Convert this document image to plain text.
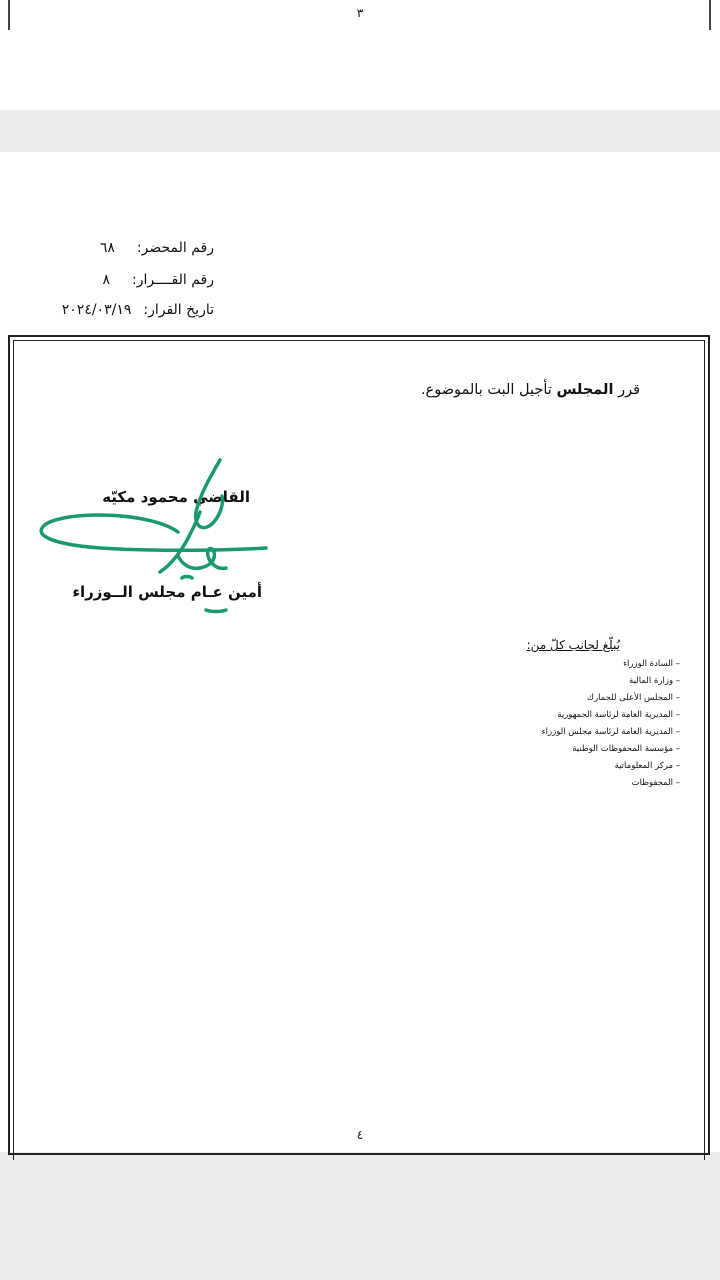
٣
رقم المحضر:٦٨
رقم القــــرار:٨
تاريخ القرار:٢٠٢٤/٠٣/١٩
قرر المجلس تأجيل البت بالموضوع.
القاضي محمود مكيّه
أمين عـام مجلس الــوزراء
يُبلّغ لجانب كلّ من:
– السادة الوزراء
– وزارة المالية
– المجلس الأعلى للجمارك
– المديرية العامة لرئاسة الجمهورية
– المديرية العامة لرئاسة مجلس الوزراء
– مؤسسة المحفوظات الوطنية
– مركز المعلوماتية
– المحفوظات
٤
